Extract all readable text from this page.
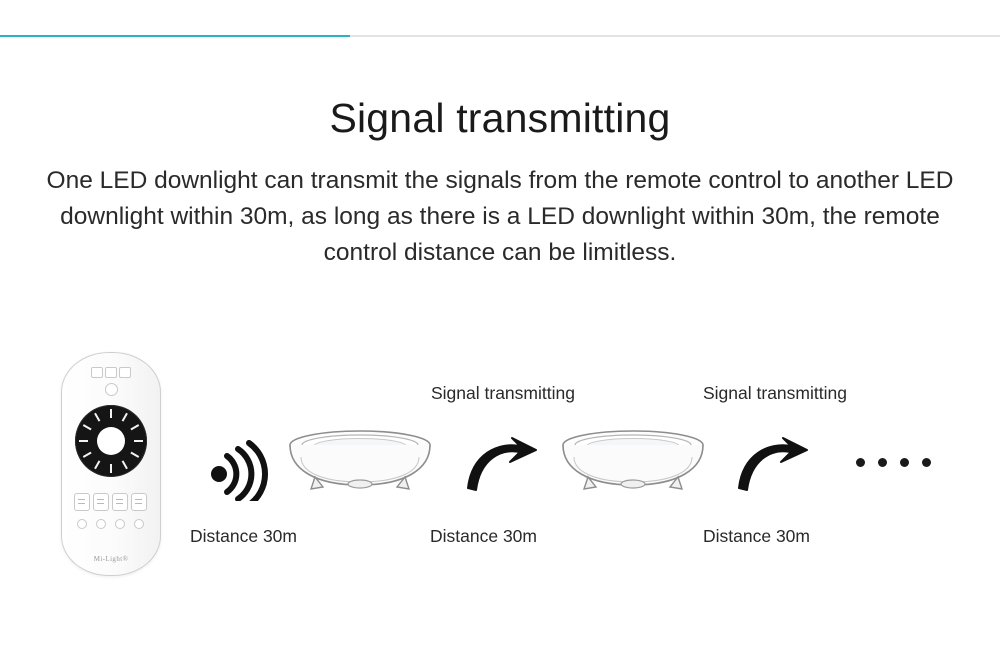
Signal transmitting
One LED downlight can transmit the signals from the remote control to another LED downlight within 30m, as long as there is a LED downlight within 30m, the remote control distance can be limitless.
Mi-Light®
Signal transmitting	Signal transmitting
Distance 30m	Distance 30m	Distance 30m
